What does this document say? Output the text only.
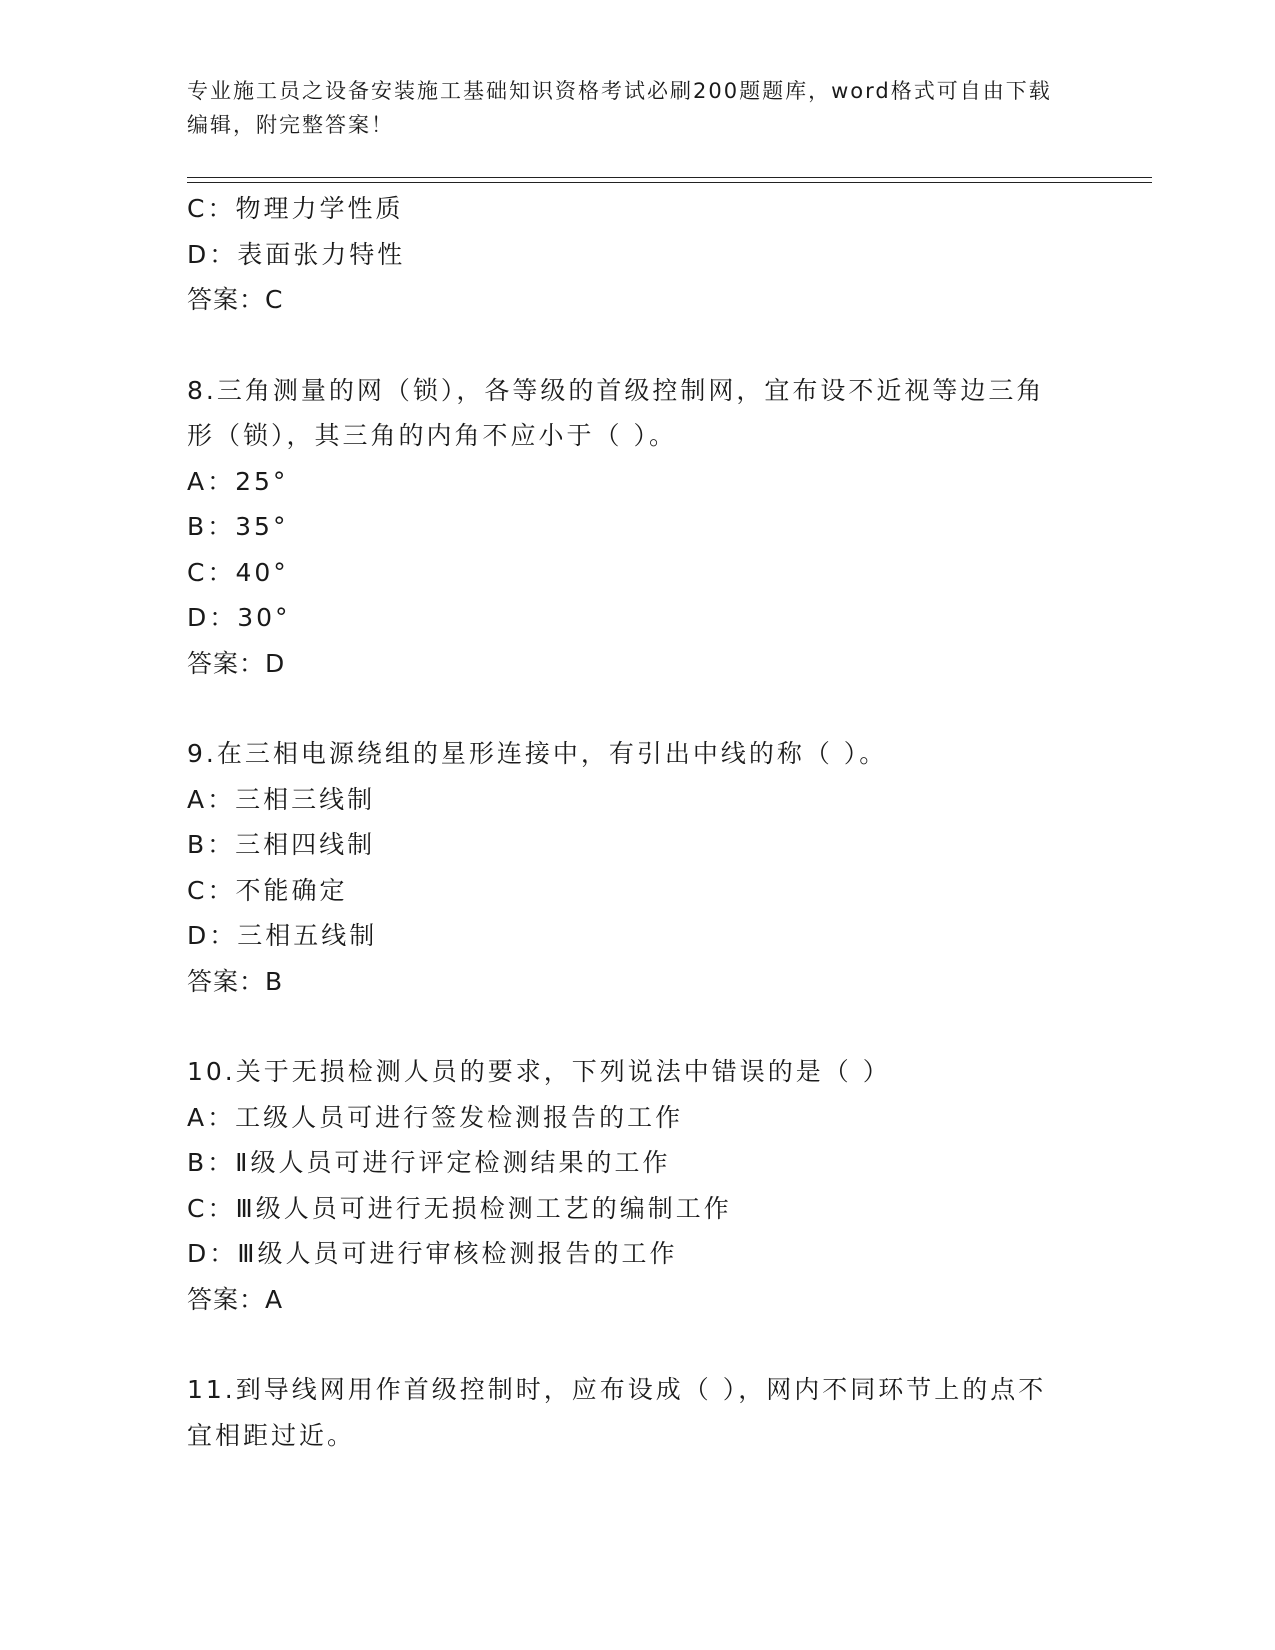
专业施工员之设备安装施工基础知识资格考试必刷200题题库，word格式可自由下载编辑，附完整答案！
C：物理力学性质
D：表面张力特性
答案：C
8.三角测量的网（锁），各等级的首级控制网，宜布设不近视等边三角形（锁），其三角的内角不应小于（ ）。
A：25°
B：35°
C：40°
D：30°
答案：D
9.在三相电源绕组的星形连接中，有引出中线的称（ ）。
A：三相三线制
B：三相四线制
C：不能确定
D：三相五线制
答案：B
10.关于无损检测人员的要求，下列说法中错误的是（ ）
A：工级人员可进行签发检测报告的工作
B：Ⅱ级人员可进行评定检测结果的工作
C：Ⅲ级人员可进行无损检测工艺的编制工作
D：Ⅲ级人员可进行审核检测报告的工作
答案：A
11.到导线网用作首级控制时，应布设成（ ），网内不同环节上的点不宜相距过近。
